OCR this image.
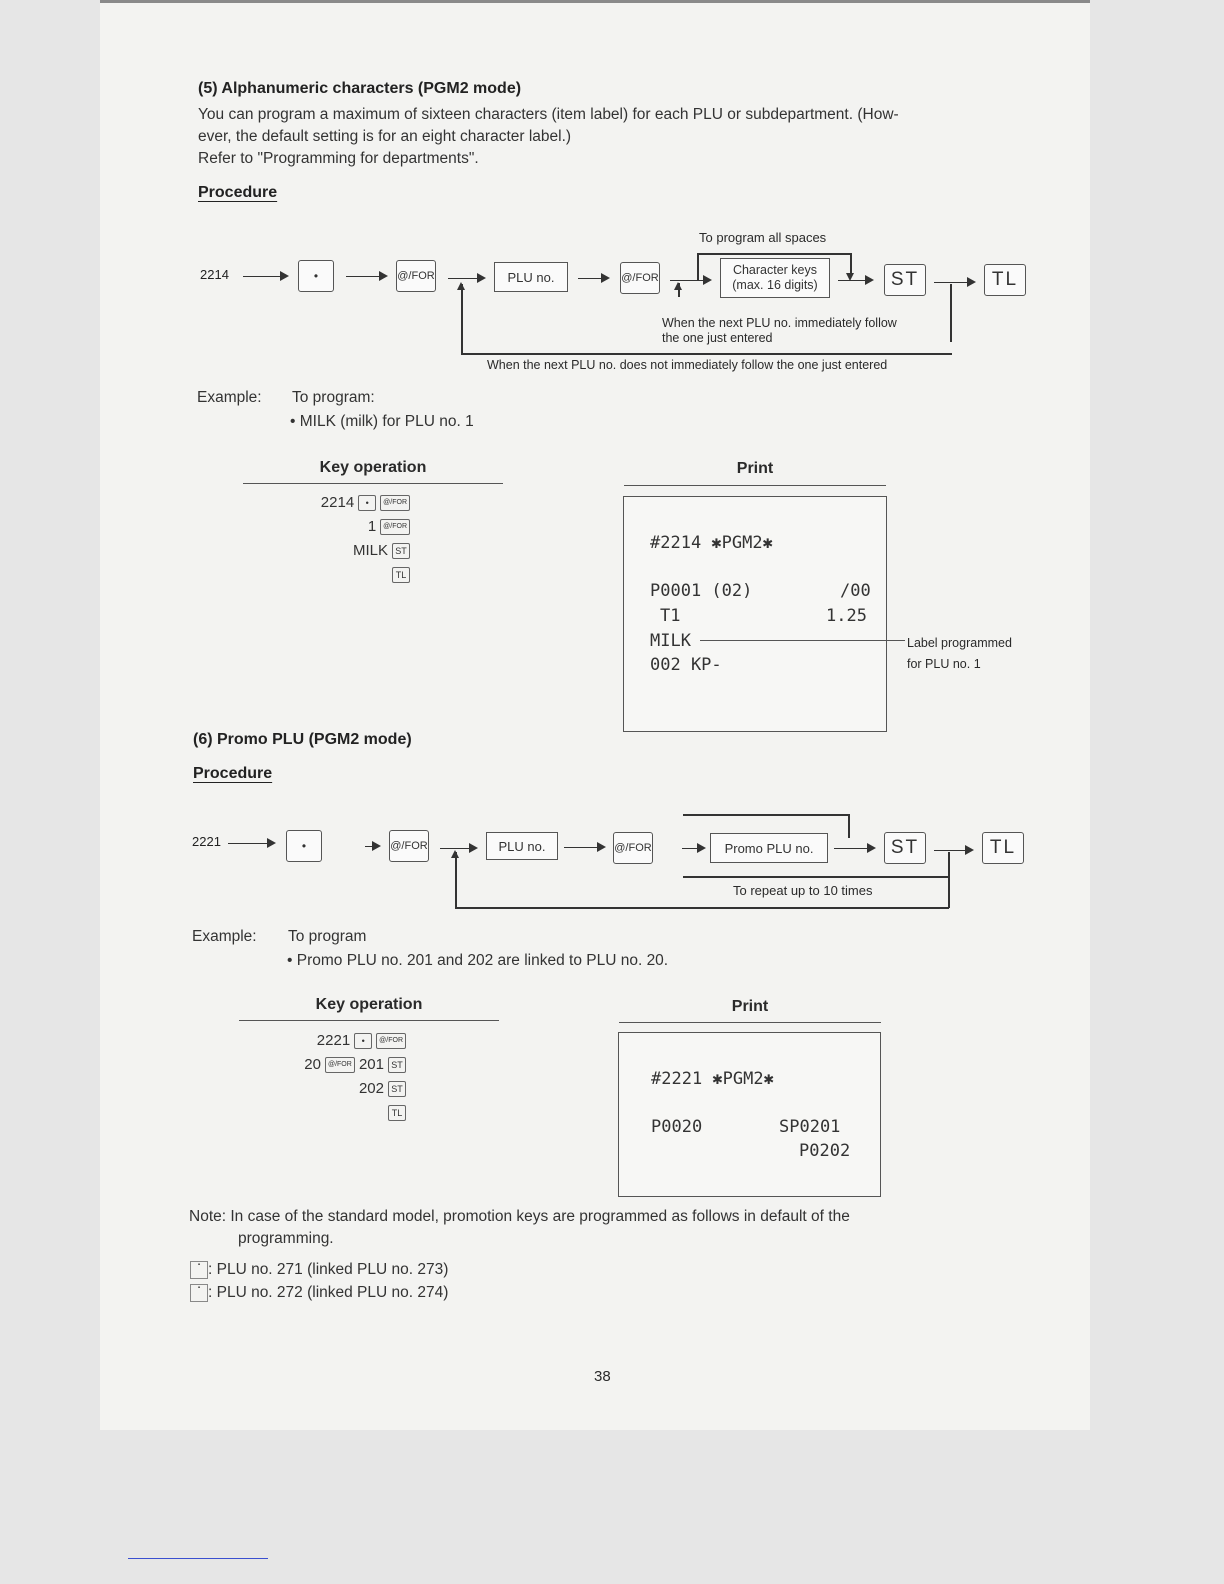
(5) Alphanumeric characters (PGM2 mode)
You can program a maximum of sixteen characters (item label) for each PLU or subdepartment. (How-
ever, the default setting is for an eight character label.)
Refer to "Programming for departments".
Procedure
2214	•	@/FOR	PLU no.	@/FOR
Character keys
(max. 16 digits)	ST	TL
To program all spaces
When the next PLU no. immediately follow
the one just entered
When the next PLU no. does not immediately follow the one just entered
Example: To program:
• MILK (milk) for PLU no. 1
Key operation	Print
2214 • @/FOR
1 @/FOR
MILK ST
TL
#2214 ✱PGM2✱
P0001 (02)	/00
T1	1.25
MILK
002 KP-
Label programmed
for PLU no. 1
(6) Promo PLU (PGM2 mode)
Procedure
2221	•	@/FOR	PLU no.	@/FOR	Promo PLU no.	ST	TL
To repeat up to 10 times
Example: To program
• Promo PLU no. 201 and 202 are linked to PLU no. 20.
Key operation	Print
2221 • @/FOR
20 @/FOR 201 ST
202 ST
TL
#2221 ✱PGM2✱
P0020	SP0201
P0202
Note: In case of the standard model, promotion keys are programmed as follows in default of the
programming.
▪ : PLU no. 271 (linked PLU no. 273)
▪ : PLU no. 272 (linked PLU no. 274)
38
